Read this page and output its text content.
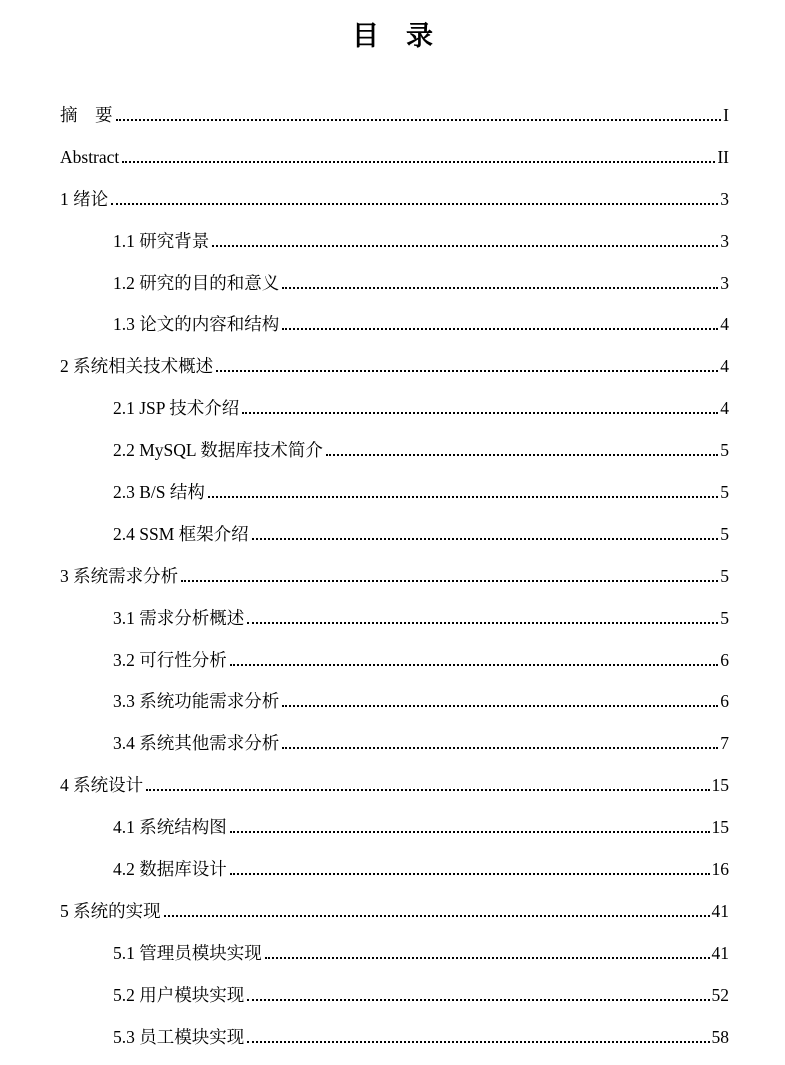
目　录
摘　要	I
Abstract	II
1 绪论	3
1.1 研究背景	3
1.2 研究的目的和意义	3
1.3 论文的内容和结构	4
2 系统相关技术概述	4
2.1 JSP 技术介绍	4
2.2 MySQL 数据库技术简介	5
2.3 B/S 结构	5
2.4 SSM 框架介绍	5
3 系统需求分析	5
3.1 需求分析概述	5
3.2 可行性分析	6
3.3 系统功能需求分析	6
3.4 系统其他需求分析	7
4 系统设计	15
4.1 系统结构图	15
4.2 数据库设计	16
5 系统的实现	41
5.1 管理员模块实现	41
5.2 用户模块实现	52
5.3 员工模块实现	58
